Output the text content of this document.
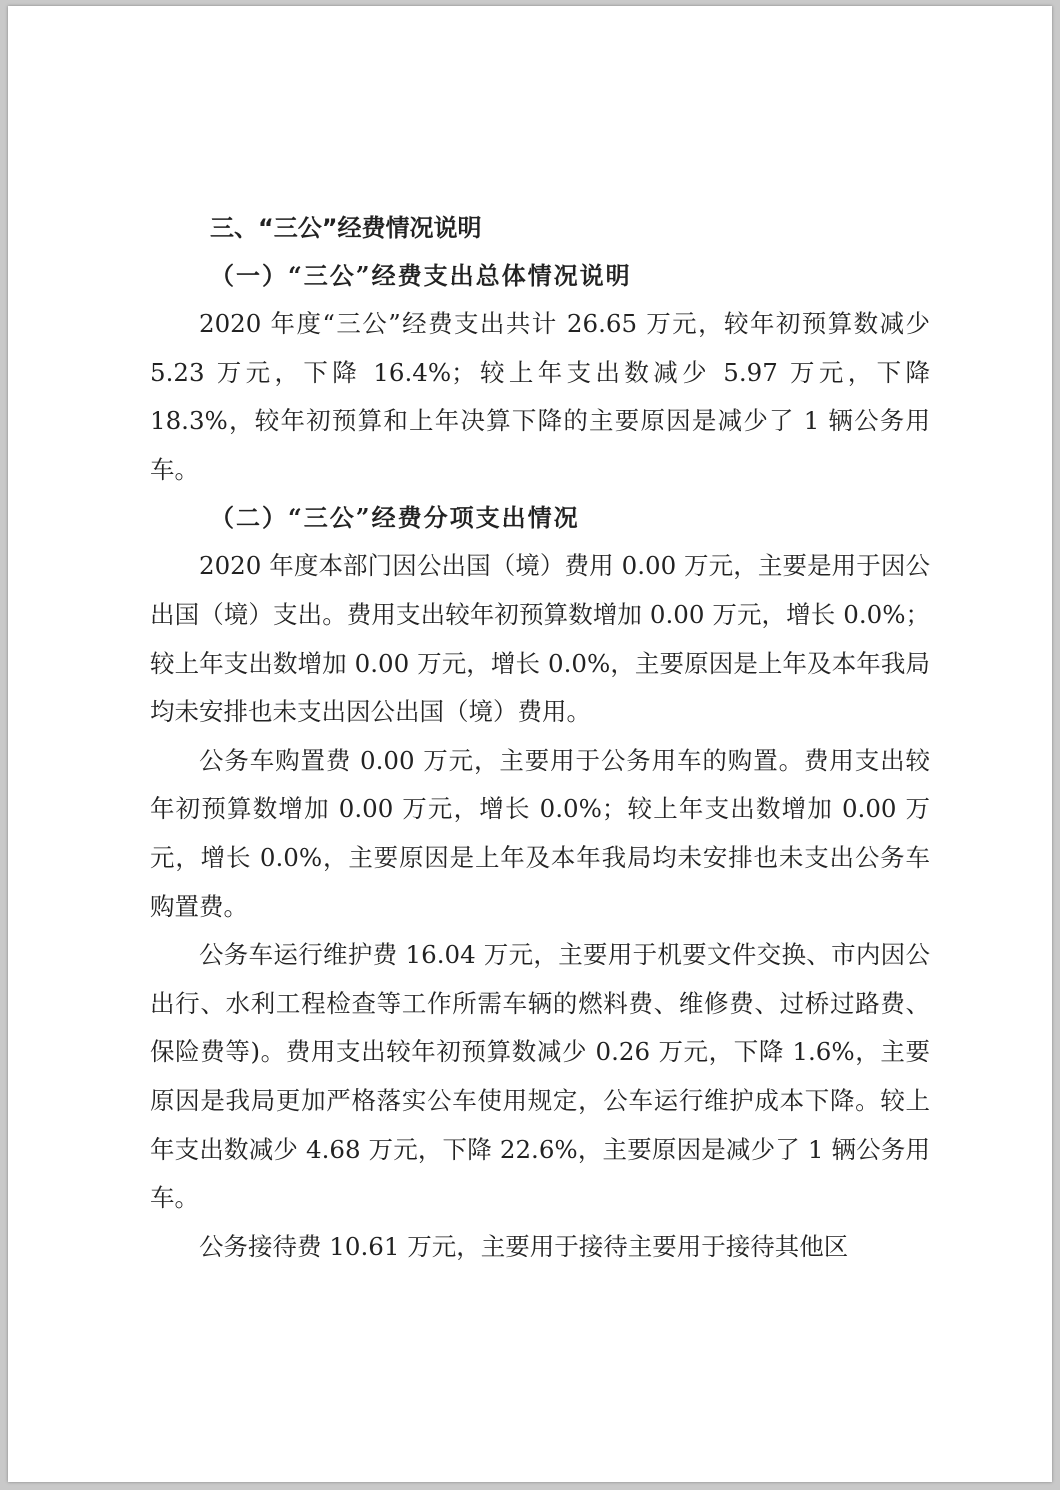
三、“三公”经费情况说明
（一）“三公”经费支出总体情况说明

2020 年度“三公”经费支出共计 26.65 万元，较年初预算数减少 5.23 万元，下降 16.4%；较上年支出数减少 5.97 万元，下降 18.3%，较年初预算和上年决算下降的主要原因是减少了 1 辆公务用车。

（二）“三公”经费分项支出情况

2020 年度本部门因公出国（境）费用 0.00 万元，主要是用于因公出国（境）支出。费用支出较年初预算数增加 0.00 万元，增长 0.0%；较上年支出数增加 0.00 万元，增长 0.0%，主要原因是上年及本年我局均未安排也未支出因公出国（境）费用。

公务车购置费 0.00 万元，主要用于公务用车的购置。费用支出较年初预算数增加 0.00 万元，增长 0.0%；较上年支出数增加 0.00 万元，增长 0.0%，主要原因是上年及本年我局均未安排也未支出公务车购置费。

公务车运行维护费 16.04 万元，主要用于机要文件交换、市内因公出行、水利工程检查等工作所需车辆的燃料费、维修费、过桥过路费、保险费等)。费用支出较年初预算数减少 0.26 万元，下降 1.6%，主要原因是我局更加严格落实公车使用规定，公车运行维护成本下降。较上年支出数减少 4.68 万元，下降 22.6%，主要原因是减少了 1 辆公务用车。

公务接待费 10.61 万元，主要用于接待主要用于接待其他区
